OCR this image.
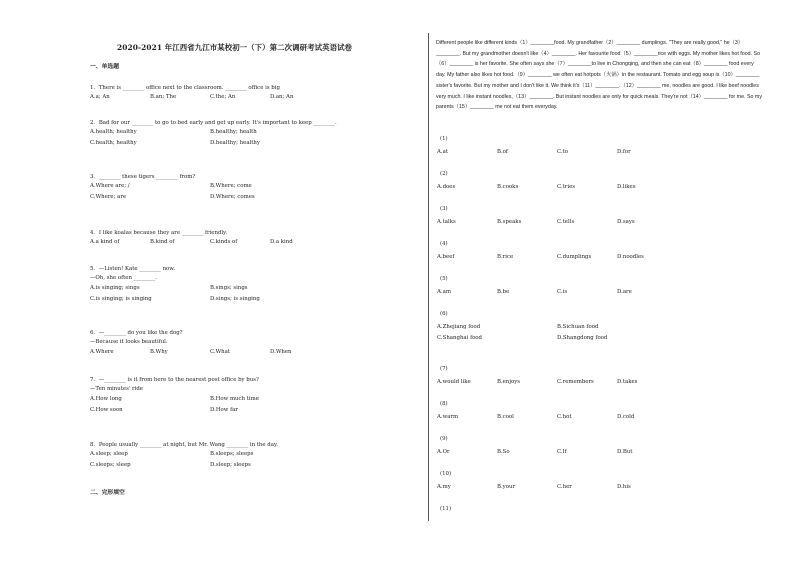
2020-2021 年江西省九江市某校初一（下）第二次调研考试英语试卷
一、单选题
1．There is ________ office next to the classroom. ________ office is big
A.a; An	B.an; The	C.the; An	D.an; An
2．Bad for our ________ to go to bed early and get up early. It's important to keep ________.
A.health; healthy	B.healthy; health
C.health; healthy	D.healthy; healthy
3．________ these tigers ________ from?
A.Where are; /	B.Where; come
C.Where; are	D.Where; comes
4．I like koalas because they are ________ friendly.
A.a kind of	B.kind of	C.kinds of	D.a kind
5．—Listen! Kate ________ now.
—Oh, she often ________.
A.is singing; sings	B.sings; sings
C.is singing; is singing	D.sings; is singing
6．—________ do you like the dog?
—Because it looks beautiful.
A.Where	B.Why	C.What	D.When
7．—________ is it from here to the nearest post office by bus?
—Ten minutes' ride
A.How long	B.How much time
C.How soon	D.How far
8．People usually ________ at night, but Mr. Wang ________ in the day.
A.sleep; sleep	B.sleeps; sleeps
C.sleeps; sleep	D.sleep; sleeps
二、完形填空
Different people like different kinds（1）________food. My grandfather（2）________ dumplings. "They are really good," he（3）________. But my grandmother doesn't like（4）________. Her favourite food（5）________rice with eggs. My mother likes hot food. So（6）________ is her favorite. She often says she（7）________to live in Chongqing, and then she can eat（8）________ food every day. My father also likes hot food.（9）________ we often eat hotpots（火锅）in the restaurant. Tomato and egg soup is（10）________ sister's favorite. But my mother and I don't like it. We think it's（11）________.（12）________ me, noodles are good. I like beef noodles very much. I like instant noodles,（13）________. But instant noodles are only for quick meals. They're not（14）________ for me. So my parents（15）________ me not eat them everyday.
(1)
A.at	B.of	C.to	D.for
(2)
A.does	B.cooks	C.tries	D.likes
(3)
A.talks	B.speaks	C.tells	D.says
(4)
A.beef	B.rice	C.dumplings	D.noodles
(5)
A.am	B.be	C.is	D.are
(6)
A.Zhejiang food	B.Sichuan food
C.Shanghai food	D.Shangdong food
(7)
A.would like	B.enjoys	C.remembers	D.takes
(8)
A.warm	B.cool	C.hot	D.cold
(9)
A.Or	B.So	C.If	D.But
(10)
A.my	B.your	C.her	D.his
(11)
